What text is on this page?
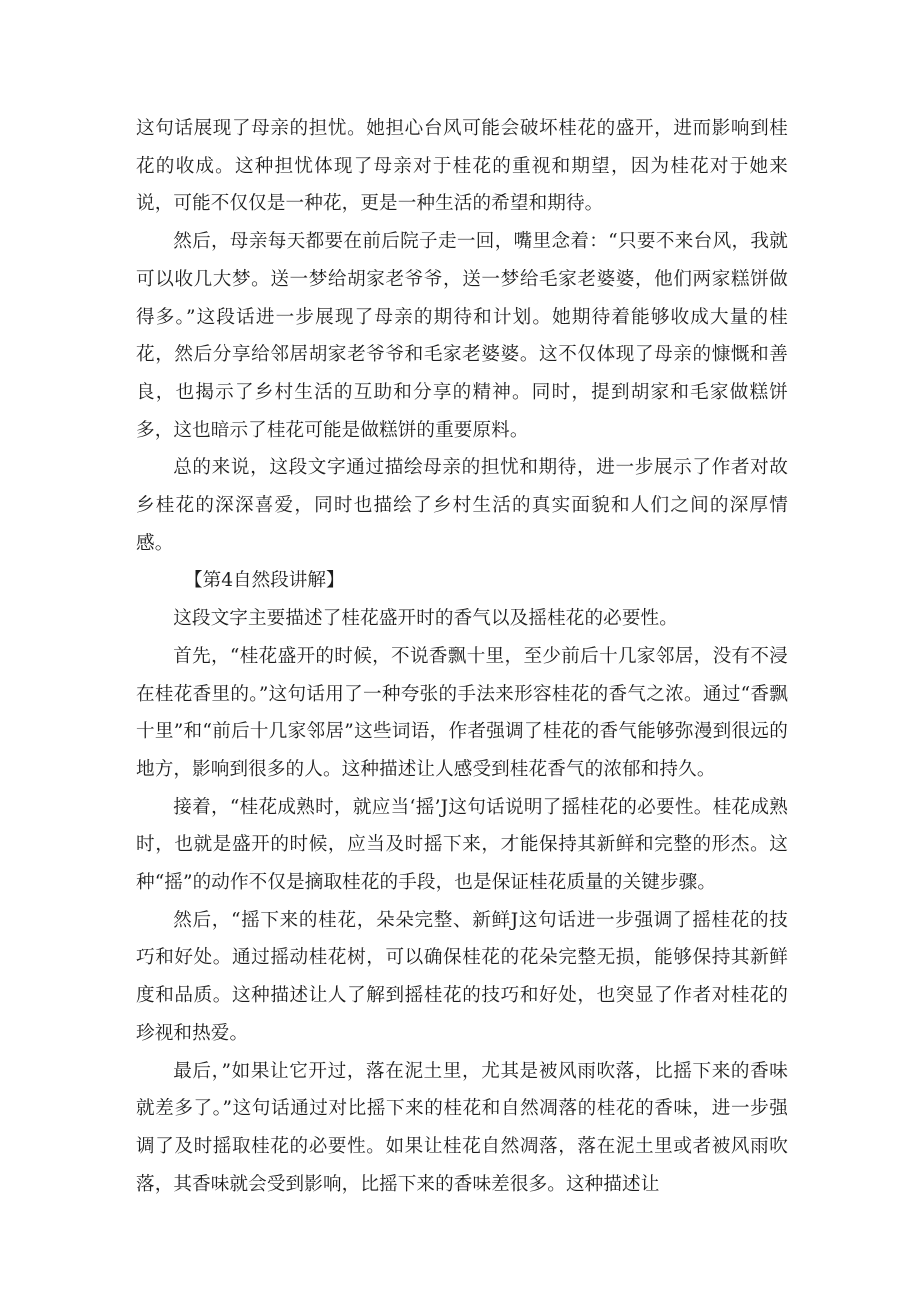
这句话展现了母亲的担忧。她担心台风可能会破坏桂花的盛开，进而影响到桂花的收成。这种担忧体现了母亲对于桂花的重视和期望，因为桂花对于她来说，可能不仅仅是一种花，更是一种生活的希望和期待。

然后，母亲每天都要在前后院子走一回，嘴里念着：“只要不来台风，我就可以收几大梦。送一梦给胡家老爷爷，送一梦给毛家老婆婆，他们两家糕饼做得多。”这段话进一步展现了母亲的期待和计划。她期待着能够收成大量的桂花，然后分享给邻居胡家老爷爷和毛家老婆婆。这不仅体现了母亲的慷慨和善良，也揭示了乡村生活的互助和分享的精神。同时，提到胡家和毛家做糕饼多，这也暗示了桂花可能是做糕饼的重要原料。

总的来说，这段文字通过描绘母亲的担忧和期待，进一步展示了作者对故乡桂花的深深喜爱，同时也描绘了乡村生活的真实面貌和人们之间的深厚情感。

【第4自然段讲解】

这段文字主要描述了桂花盛开时的香气以及摇桂花的必要性。

首先，“桂花盛开的时候，不说香飘十里，至少前后十几家邻居，没有不浸在桂花香里的。”这句话用了一种夸张的手法来形容桂花的香气之浓。通过“香飘十里”和“前后十几家邻居”这些词语，作者强调了桂花的香气能够弥漫到很远的地方，影响到很多的人。这种描述让人感受到桂花香气的浓郁和持久。

接着，“桂花成熟时，就应当‘摇’J这句话说明了摇桂花的必要性。桂花成熟时，也就是盛开的时候，应当及时摇下来，才能保持其新鲜和完整的形杰。这种“摇”的动作不仅是摘取桂花的手段，也是保证桂花质量的关键步骤。

然后，“摇下来的桂花，朵朵完整、新鲜J这句话进一步强调了摇桂花的技巧和好处。通过摇动桂花树，可以确保桂花的花朵完整无损，能够保持其新鲜度和品质。这种描述让人了解到摇桂花的技巧和好处，也突显了作者对桂花的珍视和热爱。

最后，”如果让它开过，落在泥土里，尤其是被风雨吹落，比摇下来的香味就差多了。”这句话通过对比摇下来的桂花和自然凋落的桂花的香味，进一步强调了及时摇取桂花的必要性。如果让桂花自然凋落，落在泥土里或者被风雨吹落，其香味就会受到影响，比摇下来的香味差很多。这种描述让
